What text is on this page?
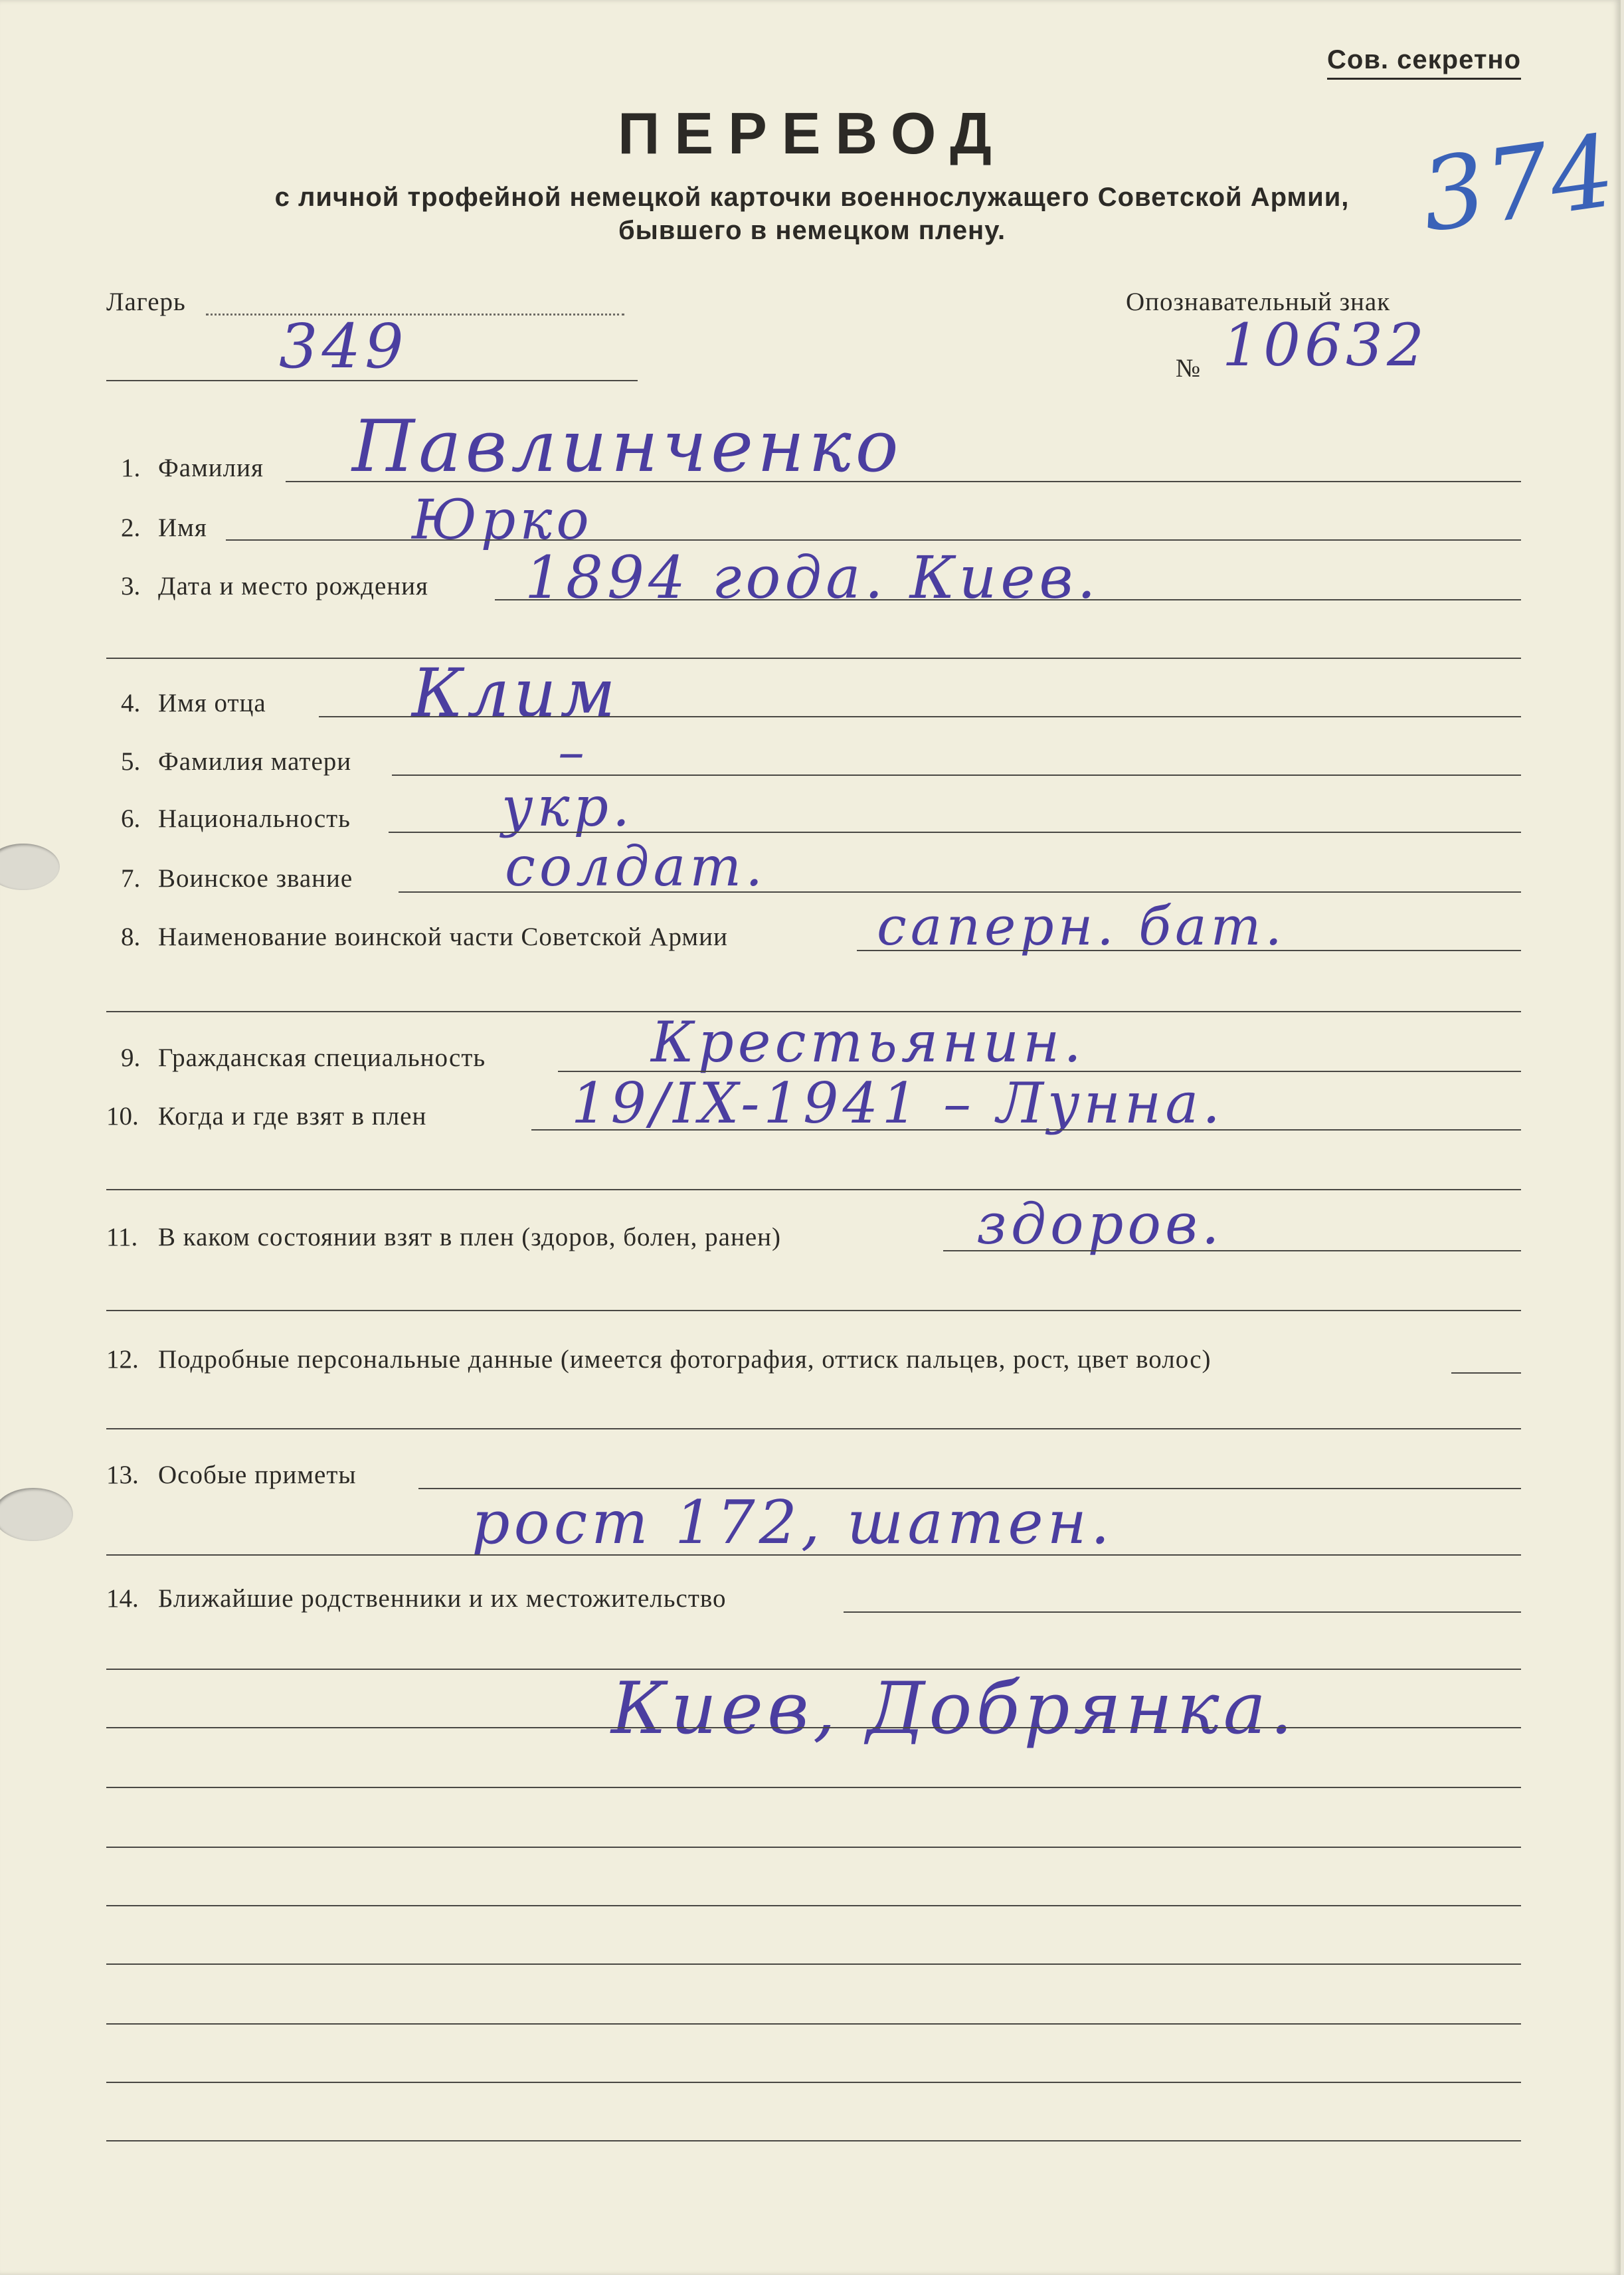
Сов. секретно
374
ПЕРЕВОД
с личной трофейной немецкой карточки военнослужащего Советской Армии,
бывшего в немецком плену.
Лагерь
349
Опознавательный знак
№ 10632
1. Фамилия Павлинченко
2. Имя	Юрко
3. Дата и место рождения 1894 года. Киев.
4. Имя отца Клим
5. Фамилия матери	–
6. Национальность	укр.
7. Воинское звание	солдат.
8. Наименование воинской части Советской Армии	саперн. бат.
9. Гражданская специальность	Крестьянин.
10. Когда и где взят в плен	19/IX-1941 – Лунна.
11. В каком состоянии взят в плен (здоров, болен, ранен)	здоров.
12. Подробные персональные данные (имеется фотография, оттиск пальцев, рост, цвет волос)
13. Особые приметы
рост 172, шатен.
14. Ближайшие родственники и их местожительство
Киев, Добрянка.
